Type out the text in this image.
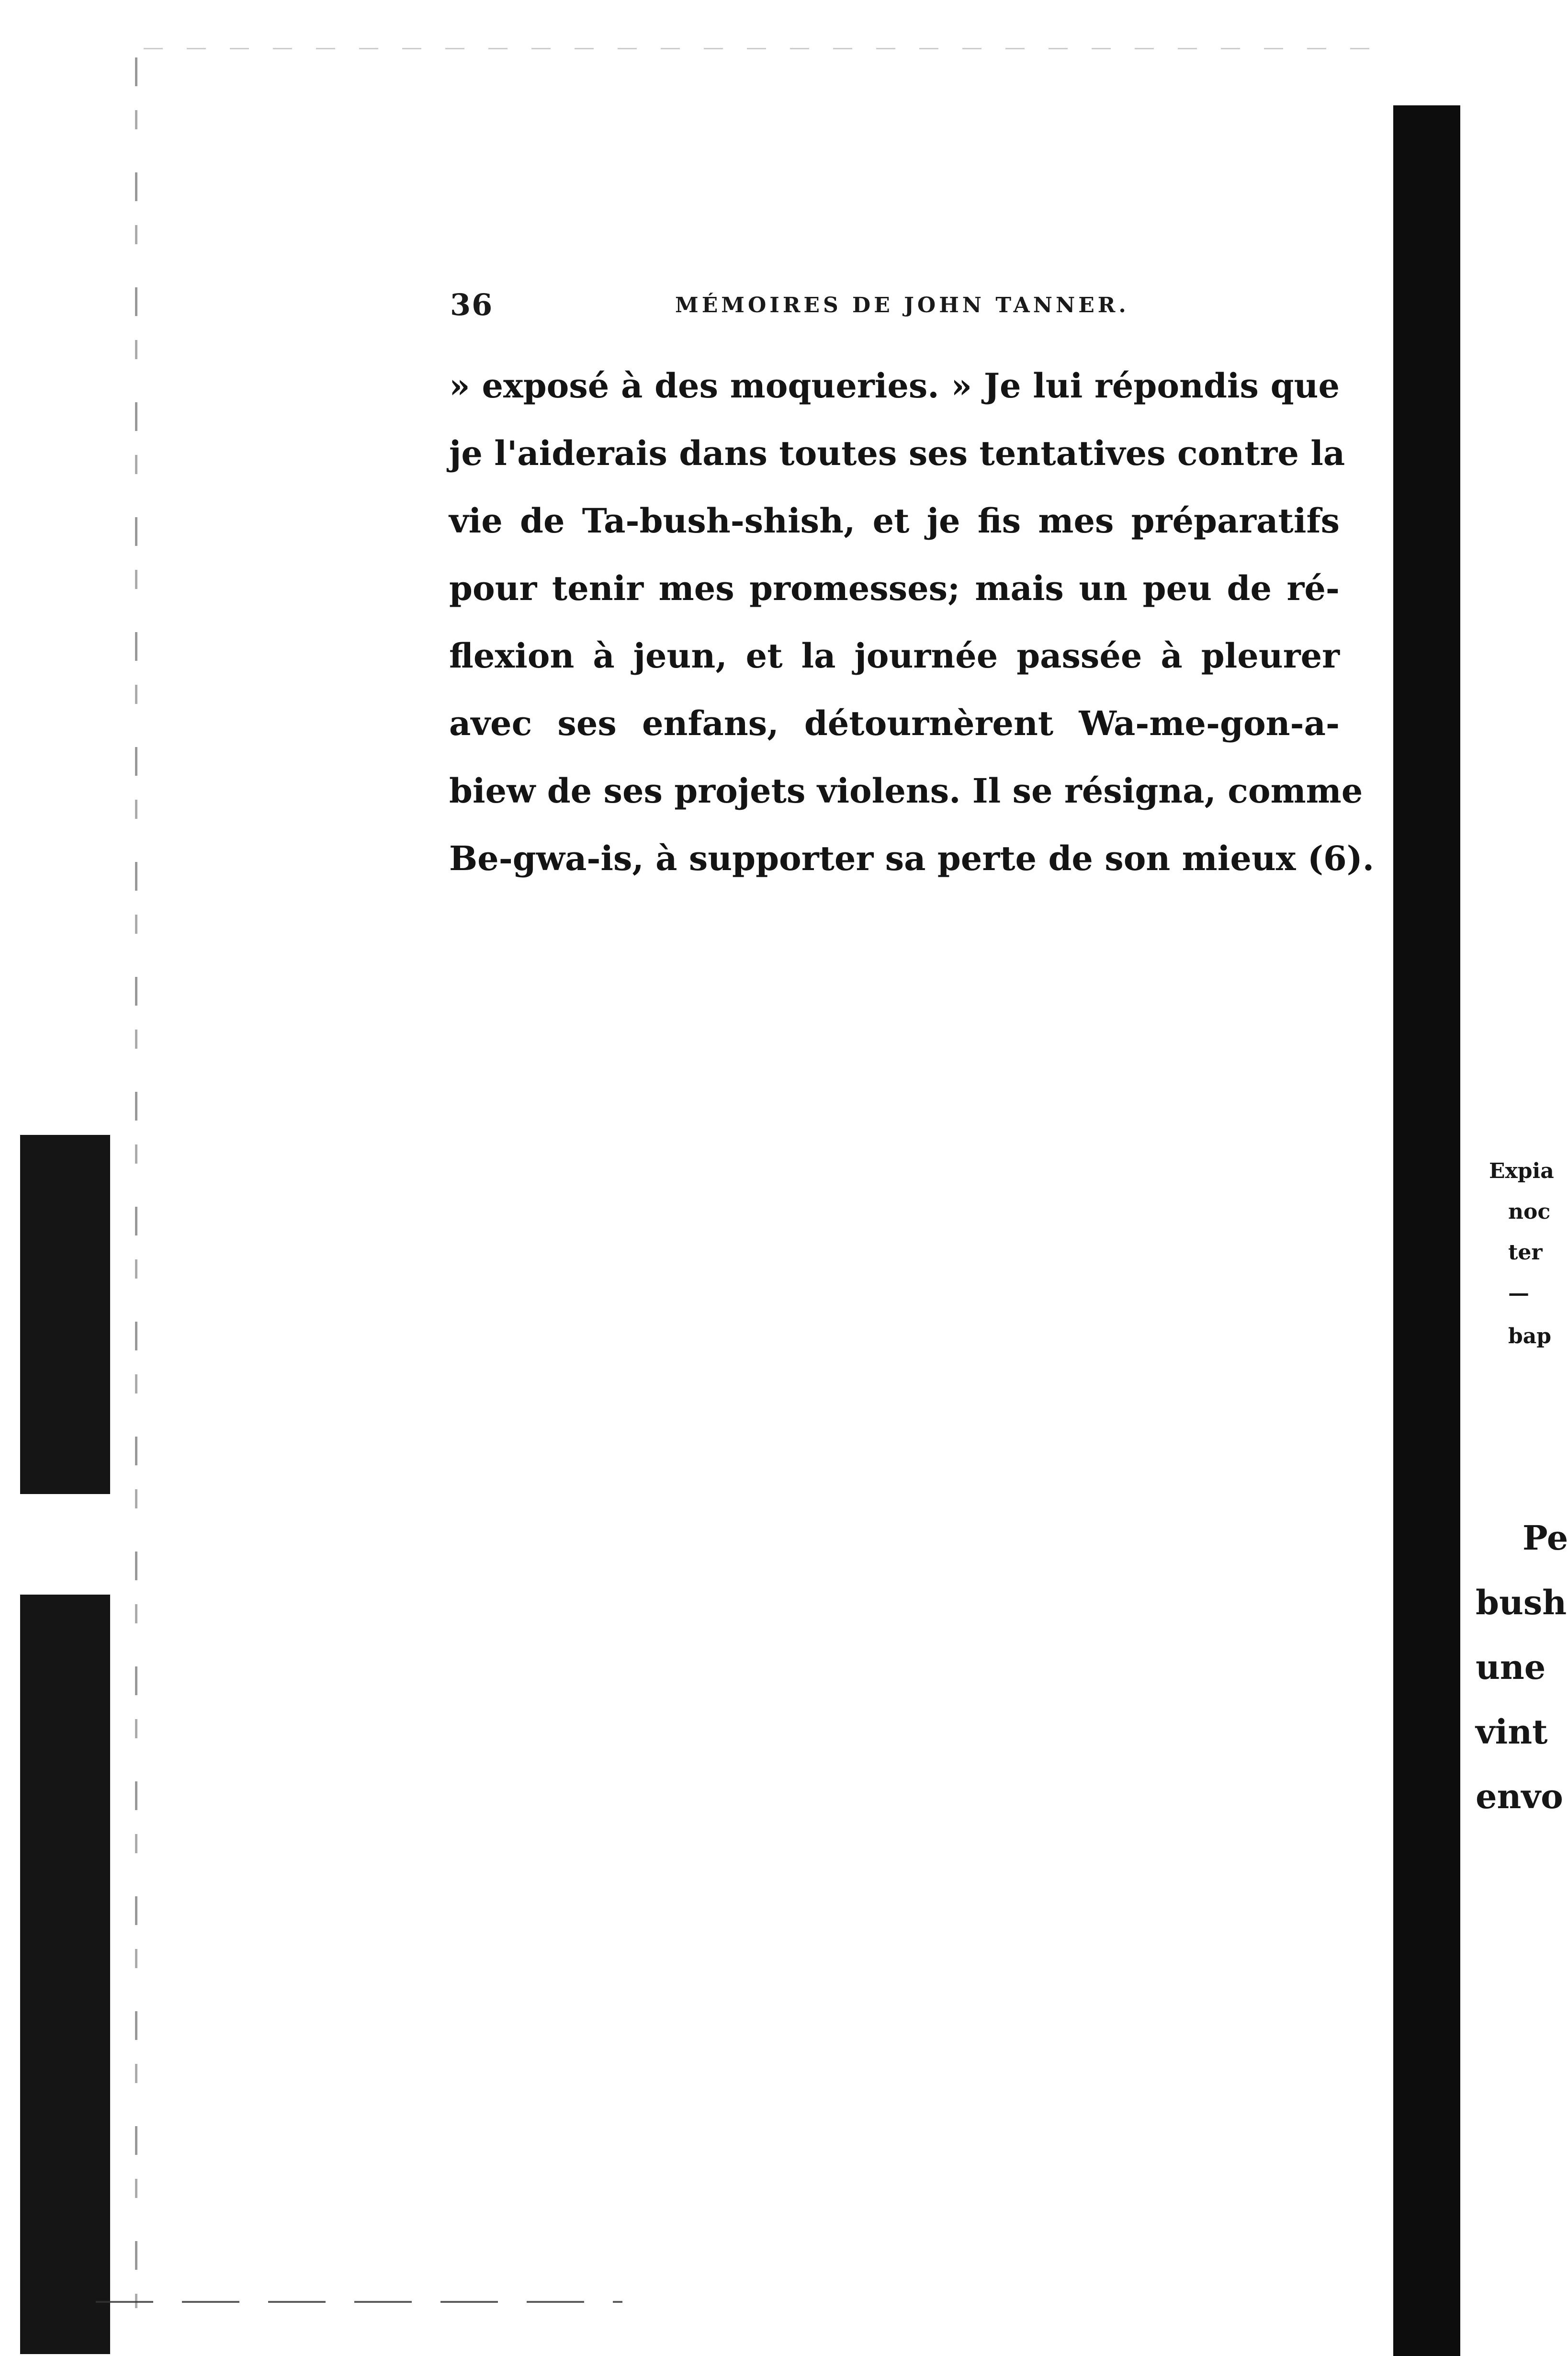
36	MÉMOIRES DE JOHN TANNER.
» exposé à des moqueries. » Je lui répondis que
je l'aiderais dans toutes ses tentatives contre la
vie de Ta-bush-shish, et je fis mes préparatifs
pour tenir mes promesses; mais un peu de ré-
flexion à jeun, et la journée passée à pleurer
avec ses enfans, détournèrent Wa-me-gon-a-
biew de ses projets violens. Il se résigna, comme
Be-gwa-is, à supporter sa perte de son mieux (6).
Expia
noc
ter
—
bap
Pe
bush
une
vint
envo
